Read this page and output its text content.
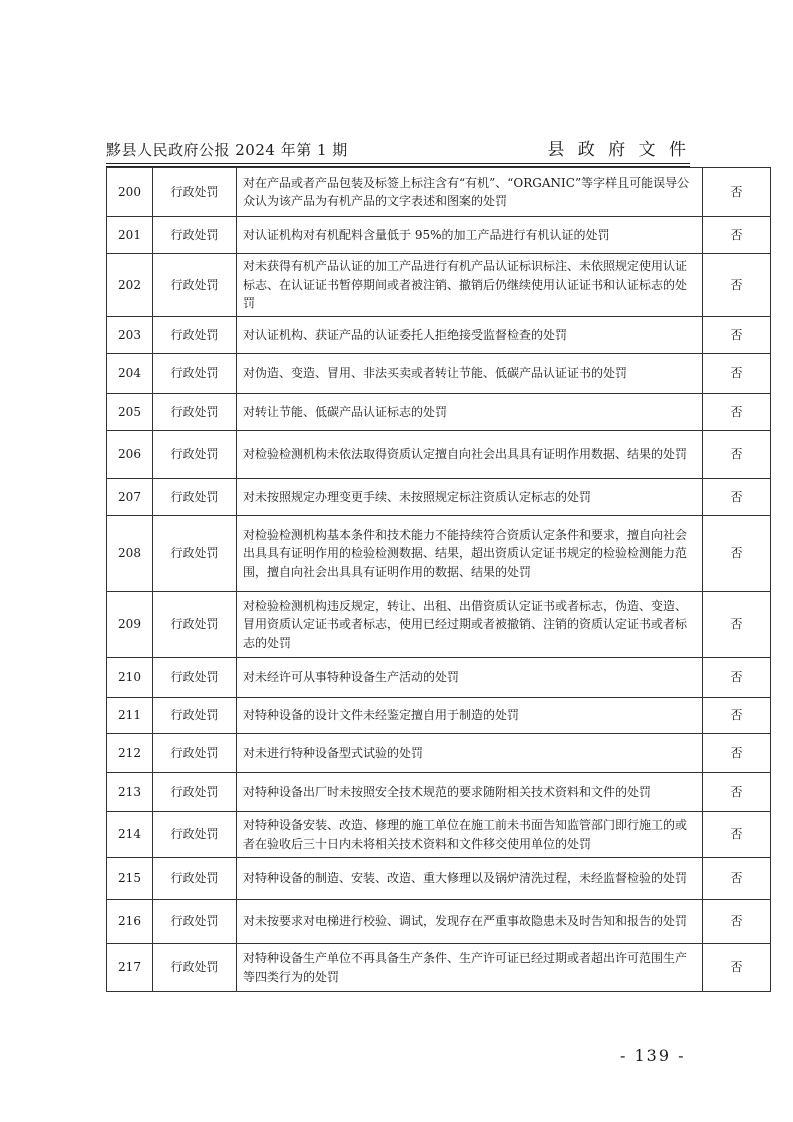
黟县人民政府公报 2024 年第 1 期	县 政 府 文 件
200	行政处罚	对在产品或者产品包装及标签上标注含有“有机”、“ORGANIC”等字样且可能误导公众认为该产品为有机产品的文字表述和图案的处罚	否
201	行政处罚	对认证机构对有机配料含量低于 95%的加工产品进行有机认证的处罚	否
202	行政处罚	对未获得有机产品认证的加工产品进行有机产品认证标识标注、未依照规定使用认证标志、在认证证书暂停期间或者被注销、撤销后仍继续使用认证证书和认证标志的处罚	否
203	行政处罚	对认证机构、获证产品的认证委托人拒绝接受监督检查的处罚	否
204	行政处罚	对伪造、变造、冒用、非法买卖或者转让节能、低碳产品认证证书的处罚	否
205	行政处罚	对转让节能、低碳产品认证标志的处罚	否
206	行政处罚	对检验检测机构未依法取得资质认定擅自向社会出具具有证明作用数据、结果的处罚	否
207	行政处罚	对未按照规定办理变更手续、未按照规定标注资质认定标志的处罚	否
208	行政处罚	对检验检测机构基本条件和技术能力不能持续符合资质认定条件和要求，擅自向社会出具具有证明作用的检验检测数据、结果，超出资质认定证书规定的检验检测能力范围，擅自向社会出具具有证明作用的数据、结果的处罚	否
209	行政处罚	对检验检测机构违反规定，转让、出租、出借资质认定证书或者标志，伪造、变造、冒用资质认定证书或者标志，使用已经过期或者被撤销、注销的资质认定证书或者标志的处罚	否
210	行政处罚	对未经许可从事特种设备生产活动的处罚	否
211	行政处罚	对特种设备的设计文件未经鉴定擅自用于制造的处罚	否
212	行政处罚	对未进行特种设备型式试验的处罚	否
213	行政处罚	对特种设备出厂时未按照安全技术规范的要求随附相关技术资料和文件的处罚	否
214	行政处罚	对特种设备安装、改造、修理的施工单位在施工前未书面告知监管部门即行施工的或者在验收后三十日内未将相关技术资料和文件移交使用单位的处罚	否
215	行政处罚	对特种设备的制造、安装、改造、重大修理以及锅炉清洗过程，未经监督检验的处罚	否
216	行政处罚	对未按要求对电梯进行校验、调试，发现存在严重事故隐患未及时告知和报告的处罚	否
217	行政处罚	对特种设备生产单位不再具备生产条件、生产许可证已经过期或者超出许可范围生产等四类行为的处罚	否
- 139 -
